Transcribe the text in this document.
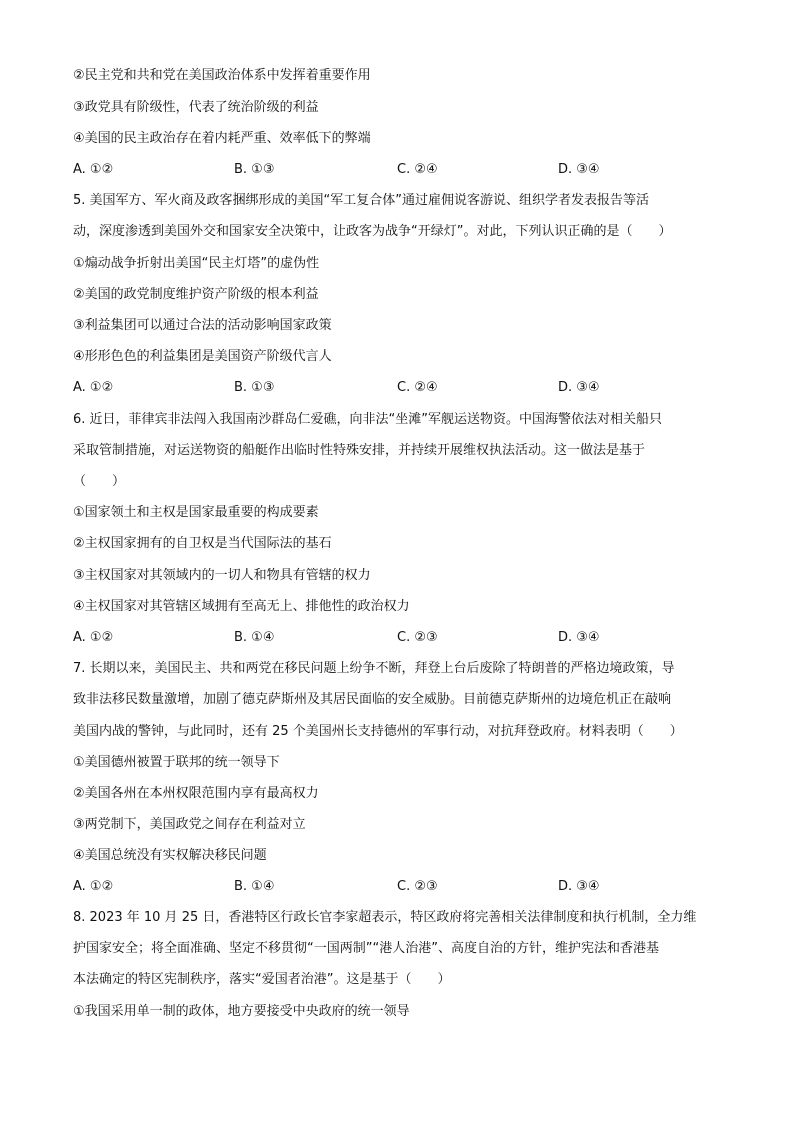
②民主党和共和党在美国政治体系中发挥着重要作用
③政党具有阶级性，代表了统治阶级的利益
④美国的民主政治存在着内耗严重、效率低下的弊端
A. ①②	B. ①③	C. ②④	D. ③④
5. 美国军方、军火商及政客捆绑形成的美国“军工复合体”通过雇佣说客游说、组织学者发表报告等活
动，深度渗透到美国外交和国家安全决策中，让政客为战争“开绿灯”。对此，下列认识正确的是（　　）
①煽动战争折射出美国“民主灯塔”的虚伪性
②美国的政党制度维护资产阶级的根本利益
③利益集团可以通过合法的活动影响国家政策
④形形色色的利益集团是美国资产阶级代言人
A. ①②	B. ①③	C. ②④	D. ③④
6. 近日，菲律宾非法闯入我国南沙群岛仁爱礁，向非法“坐滩”军舰运送物资。中国海警依法对相关船只
采取管制措施，对运送物资的船艇作出临时性特殊安排，并持续开展维权执法活动。这一做法是基于
（　　）
①国家领土和主权是国家最重要的构成要素
②主权国家拥有的自卫权是当代国际法的基石
③主权国家对其领域内的一切人和物具有管辖的权力
④主权国家对其管辖区域拥有至高无上、排他性的政治权力
A. ①②	B. ①④	C. ②③	D. ③④
7. 长期以来，美国民主、共和两党在移民问题上纷争不断，拜登上台后废除了特朗普的严格边境政策，导
致非法移民数量激增，加剧了德克萨斯州及其居民面临的安全威胁。目前德克萨斯州的边境危机正在敲响
美国内战的警钟，与此同时，还有 25 个美国州长支持德州的军事行动，对抗拜登政府。材料表明（　　）
①美国德州被置于联邦的统一领导下
②美国各州在本州权限范围内享有最高权力
③两党制下，美国政党之间存在利益对立
④美国总统没有实权解决移民问题
A. ①②	B. ①④	C. ②③	D. ③④
8. 2023 年 10 月 25 日，香港特区行政长官李家超表示，特区政府将完善相关法律制度和执行机制，全力维
护国家安全；将全面准确、坚定不移贯彻“一国两制”“港人治港”、高度自治的方针，维护宪法和香港基
本法确定的特区宪制秩序，落实“爱国者治港”。这是基于（　　）
①我国采用单一制的政体，地方要接受中央政府的统一领导
